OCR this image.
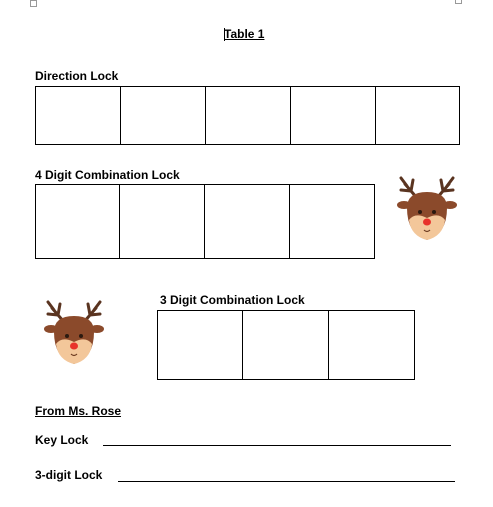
Table 1
Direction Lock
4 Digit Combination Lock
3 Digit Combination Lock
From Ms. Rose
Key Lock
3-digit Lock
